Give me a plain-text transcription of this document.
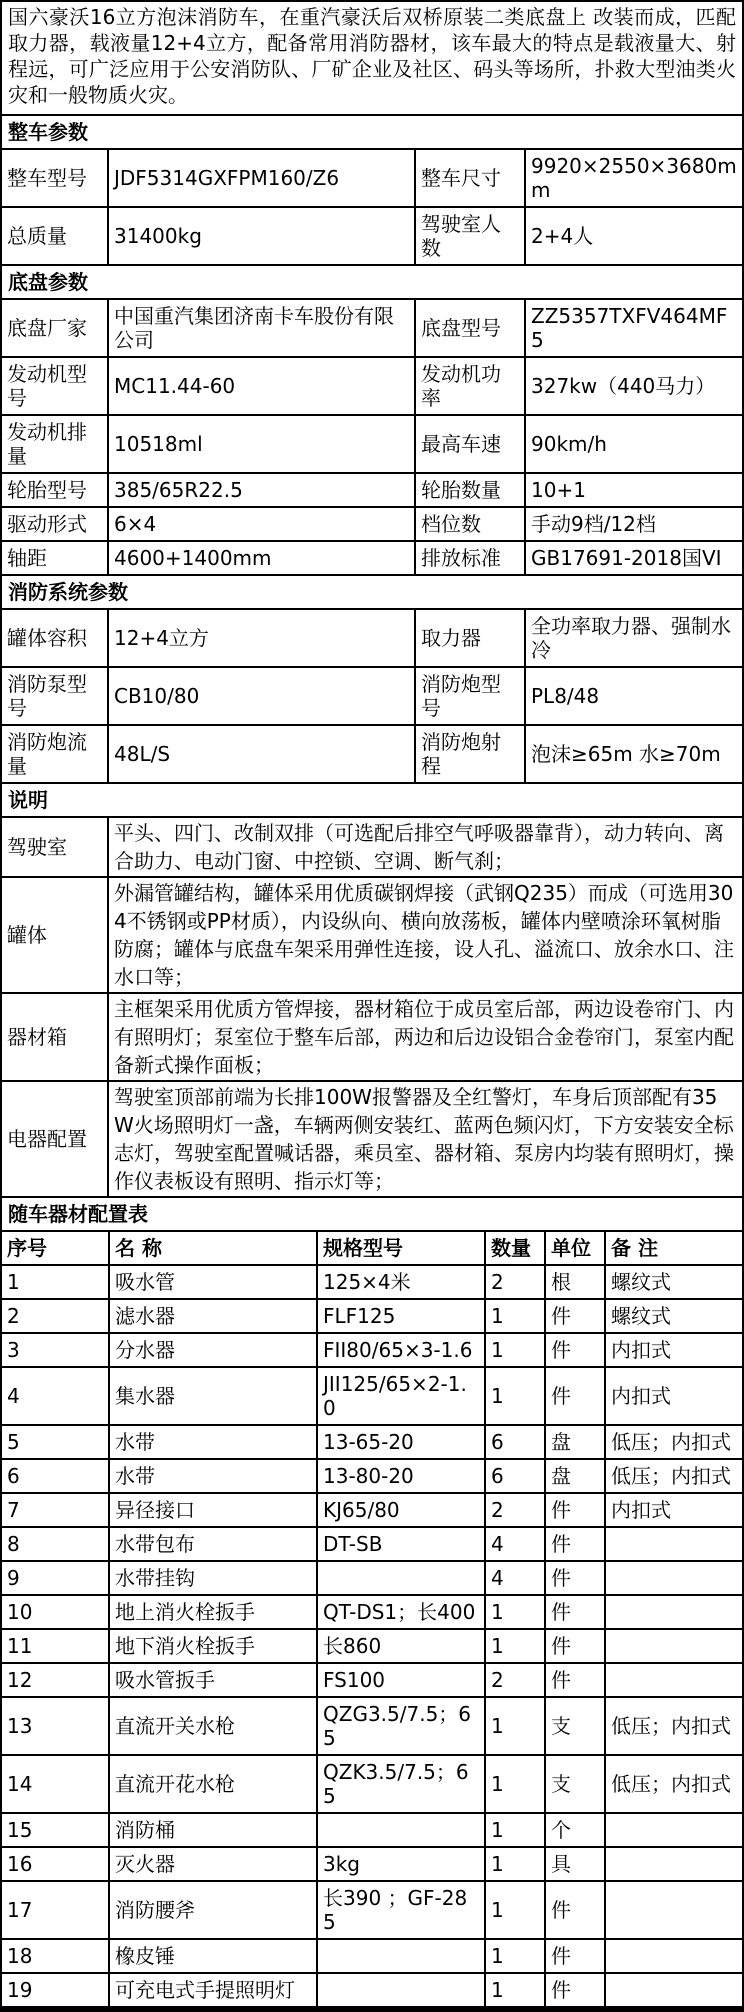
国六豪沃16立方泡沫消防车，在重汽豪沃后双桥原装二类底盘上 改装而成，匹配取力器，载液量12+4立方，配备常用消防器材，该车最大的特点是载液量大、射程远，可广泛应用于公安消防队、厂矿企业及社区、码头等场所，扑救大型油类火灾和一般物质火灾。
整车参数
整车型号	JDF5314GXFPM160/Z6	整车尺寸	9920×2550×3680mm
总质量	31400kg	驾驶室人数	2+4人
底盘参数
底盘厂家	中国重汽集团济南卡车股份有限公司	底盘型号	ZZ5357TXFV464MF5
发动机型号	MC11.44-60	发动机功率	327kw（440马力）
发动机排量	10518ml	最高车速	90km/h
轮胎型号	385/65R22.5	轮胎数量	10+1
驱动形式	6×4	档位数	手动9档/12档
轴距	4600+1400mm	排放标准	GB17691-2018国VI
消防系统参数
罐体容积	12+4立方	取力器	全功率取力器、强制水冷
消防泵型号	CB10/80	消防炮型号	PL8/48
消防炮流量	48L/S	消防炮射程	泡沫≥65m 水≥70m
说明
驾驶室	平头、四门、改制双排（可选配后排空气呼吸器靠背），动力转向、离合助力、电动门窗、中控锁、空调、断气刹；
罐体	外漏管罐结构，罐体采用优质碳钢焊接（武钢Q235）而成（可选用304不锈钢或PP材质），内设纵向、横向放荡板，罐体内壁喷涂环氧树脂防腐；罐体与底盘车架采用弹性连接，设人孔、溢流口、放余水口、注水口等；
器材箱	主框架采用优质方管焊接，器材箱位于成员室后部，两边设卷帘门、内有照明灯；泵室位于整车后部，两边和后边设铝合金卷帘门，泵室内配备新式操作面板；
电器配置	驾驶室顶部前端为长排100W报警器及全红警灯，车身后顶部配有35W火场照明灯一盏，车辆两侧安装红、蓝两色频闪灯，下方安装安全标志灯，驾驶室配置喊话器，乘员室、器材箱、泵房内均装有照明灯，操作仪表板设有照明、指示灯等；
随车器材配置表
序号	名 称	规格型号	数量	单位	备 注
1	吸水管	125×4米	2	根	螺纹式
2	滤水器	FLF125	1	件	螺纹式
3	分水器	FII80/65×3-1.6	1	件	内扣式
4	集水器	JII125/65×2-1.0	1	件	内扣式
5	水带	13-65-20	6	盘	低压；内扣式
6	水带	13-80-20	6	盘	低压；内扣式
7	异径接口	KJ65/80	2	件	内扣式
8	水带包布	DT-SB	4	件	
9	水带挂钩		4	件	
10	地上消火栓扳手	QT-DS1；长400	1	件	
11	地下消火栓扳手	长860	1	件	
12	吸水管扳手	FS100	2	件	
13	直流开关水枪	QZG3.5/7.5；65	1	支	低压；内扣式
14	直流开花水枪	QZK3.5/7.5；65	1	支	低压；内扣式
15	消防桶		1	个	
16	灭火器	3kg	1	具	
17	消防腰斧	长390 ；GF-285	1	件	
18	橡皮锤		1	件	
19	可充电式手提照明灯		1	件	
